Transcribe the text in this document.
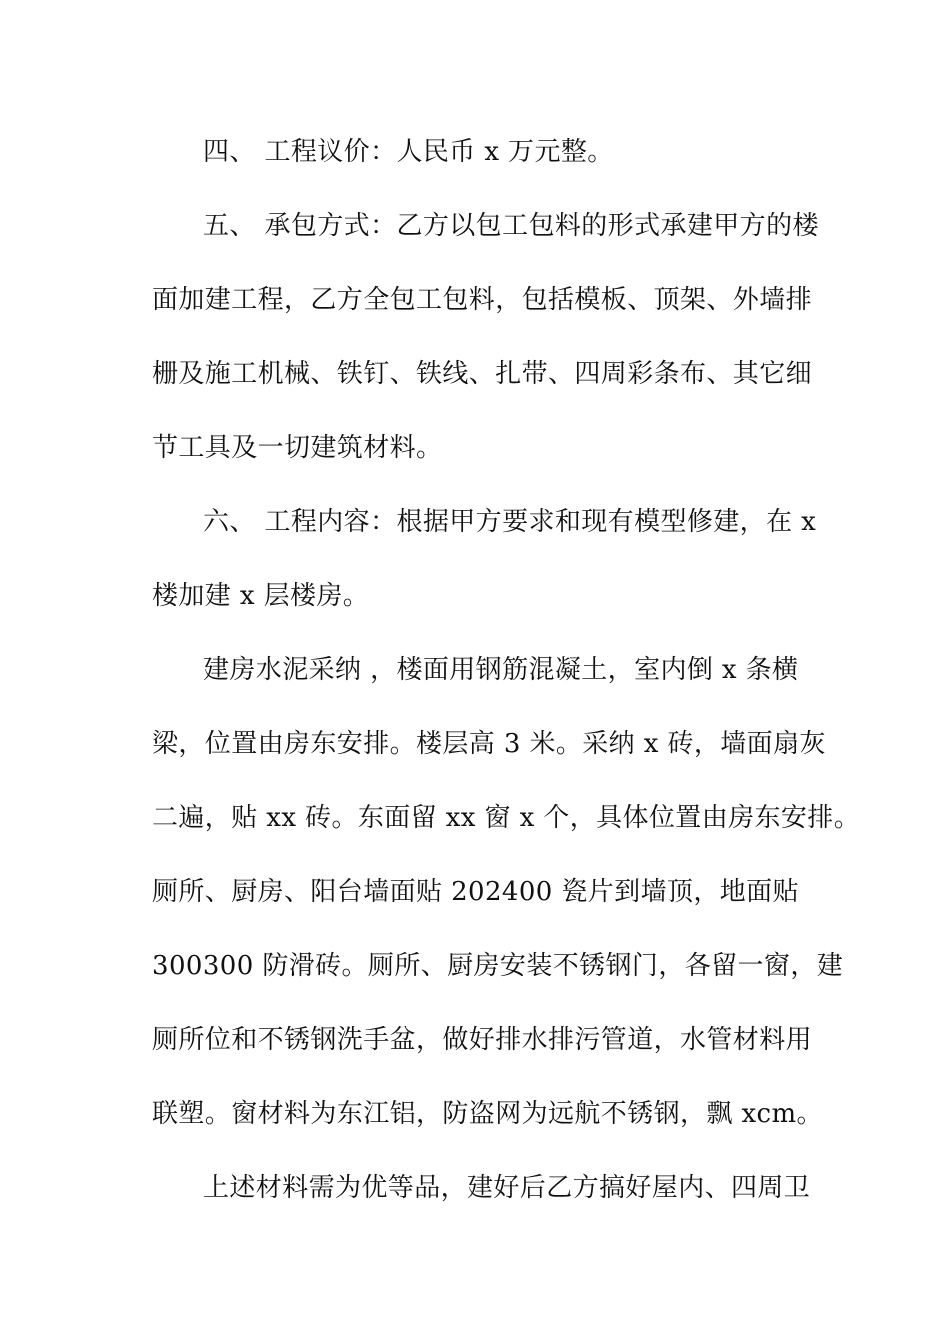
四、 工程议价：人民币 x 万元整。
五、 承包方式：乙方以包工包料的形式承建甲方的楼
面加建工程，乙方全包工包料，包括模板、顶架、外墙排
栅及施工机械、铁钉、铁线、扎带、四周彩条布、其它细
节工具及一切建筑材料。
六、 工程内容：根据甲方要求和现有模型修建，在 x
楼加建 x 层楼房。
建房水泥采纳 ，楼面用钢筋混凝土，室内倒 x 条横
梁，位置由房东安排。楼层高 3 米。采纳 x 砖，墙面扇灰
二遍，贴 xx 砖。东面留 xx 窗 x 个，具体位置由房东安排。
厕所、厨房、阳台墙面贴 202400 瓷片到墙顶，地面贴
300300 防滑砖。厕所、厨房安装不锈钢门，各留一窗，建
厕所位和不锈钢洗手盆，做好排水排污管道，水管材料用
联塑。窗材料为东江铝，防盗网为远航不锈钢，飘 xcm。
上述材料需为优等品，建好后乙方搞好屋内、四周卫
